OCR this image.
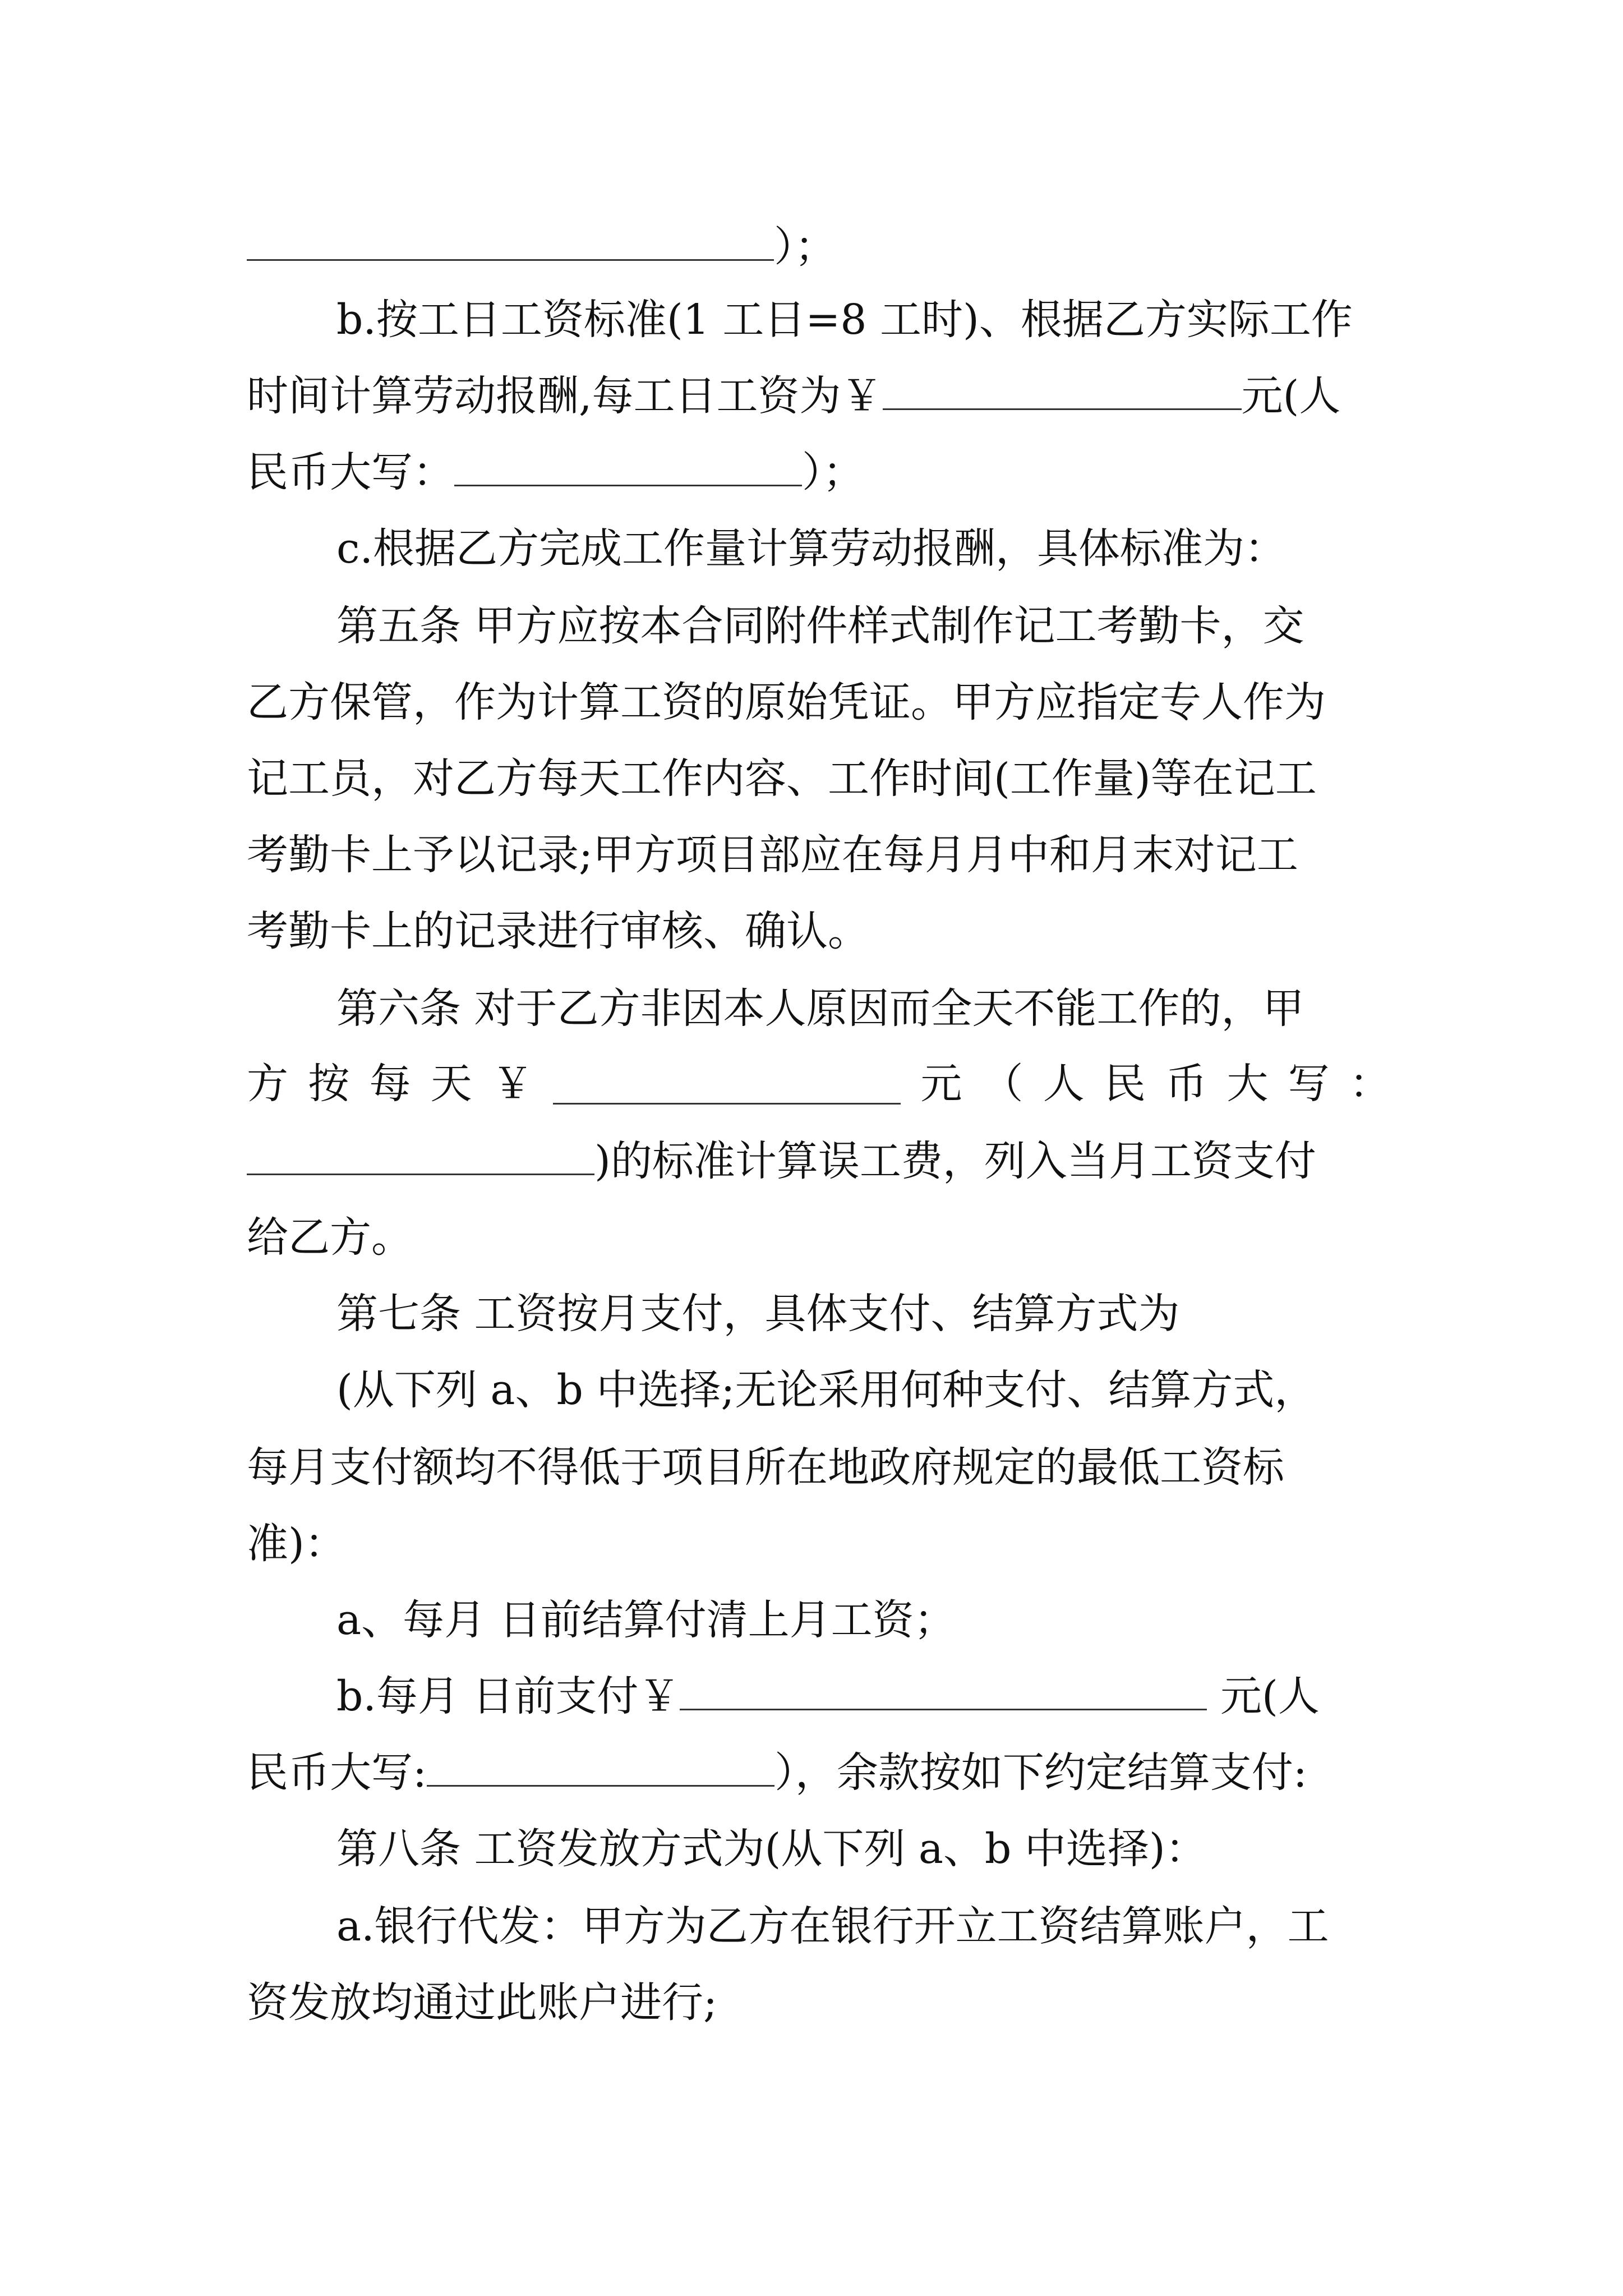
）；
b.按工日工资标准(1 工日=8 工时)、根据乙方实际工作
时间计算劳动报酬,每工日工资为￥	元(人
民币大写：	）；
c.根据乙方完成工作量计算劳动报酬，具体标准为：
第五条 甲方应按本合同附件样式制作记工考勤卡，交
乙方保管，作为计算工资的原始凭证。甲方应指定专人作为
记工员，对乙方每天工作内容、工作时间(工作量)等在记工
考勤卡上予以记录;甲方项目部应在每月月中和月末对记工
考勤卡上的记录进行审核、确认。
第六条 对于乙方非因本人原因而全天不能工作的，甲
方 按 每 天 ￥	元 （ 人 民 币 大 写 ：
)的标准计算误工费，列入当月工资支付
给乙方。
第七条 工资按月支付，具体支付、结算方式为
(从下列 a、b 中选择;无论采用何种支付、结算方式，
每月支付额均不得低于项目所在地政府规定的最低工资标
准)：
a、每月 日前结算付清上月工资；
b.每月 日前支付￥	元(人
民币大写:	），余款按如下约定结算支付:
第八条 工资发放方式为(从下列 a、b 中选择)：
a.银行代发：甲方为乙方在银行开立工资结算账户，工
资发放均通过此账户进行;
